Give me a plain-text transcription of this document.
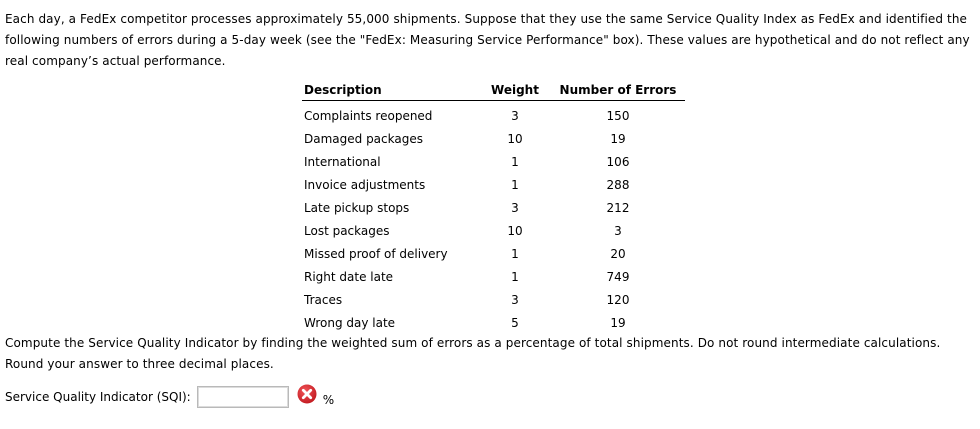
Each day, a FedEx competitor processes approximately 55,000 shipments. Suppose that they use the same Service Quality Index as FedEx and identified the following numbers of errors during a 5-day week (see the "FedEx: Measuring Service Performance" box). These values are hypothetical and do not reflect any real company’s actual performance.

Description	Weight	Number of Errors
Complaints reopened	3	150
Damaged packages	10	19
International	1	106
Invoice adjustments	1	288
Late pickup stops	3	212
Lost packages	10	3
Missed proof of delivery	1	20
Right date late	1	749
Traces	3	120
Wrong day late	5	19

Compute the Service Quality Indicator by finding the weighted sum of errors as a percentage of total shipments. Do not round intermediate calculations. Round your answer to three decimal places.

Service Quality Indicator (SQI):	%
